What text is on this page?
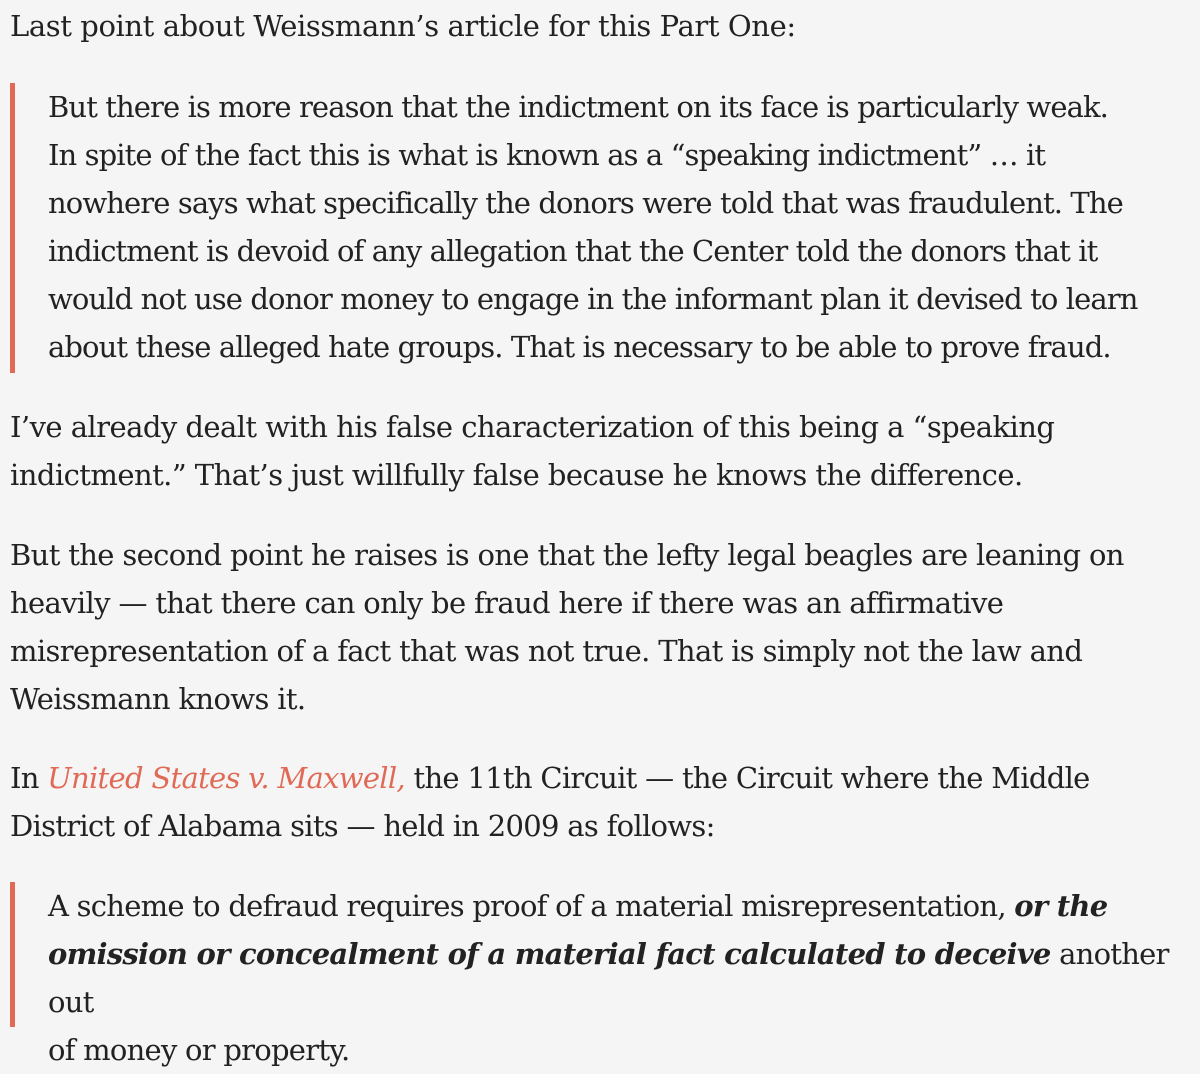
Last point about Weissmann’s article for this Part One:

But there is more reason that the indictment on its face is particularly weak.

In spite of the fact this is what is known as a “speaking indictment” … it

nowhere says what specifically the donors were told that was fraudulent. The

indictment is devoid of any allegation that the Center told the donors that it

would not use donor money to engage in the informant plan it devised to learn

about these alleged hate groups. That is necessary to be able to prove fraud.

I’ve already dealt with his false characterization of this being a “speaking

indictment.” That’s just willfully false because he knows the difference.

But the second point he raises is one that the lefty legal beagles are leaning on

heavily — that there can only be fraud here if there was an affirmative

misrepresentation of a fact that was not true. That is simply not the law and

Weissmann knows it.

In United States v. Maxwell, the 11th Circuit — the Circuit where the Middle

District of Alabama sits — held in 2009 as follows:

A scheme to defraud requires proof of a material misrepresentation, or the

omission or concealment of a material fact calculated to deceive another out

of money or property.
